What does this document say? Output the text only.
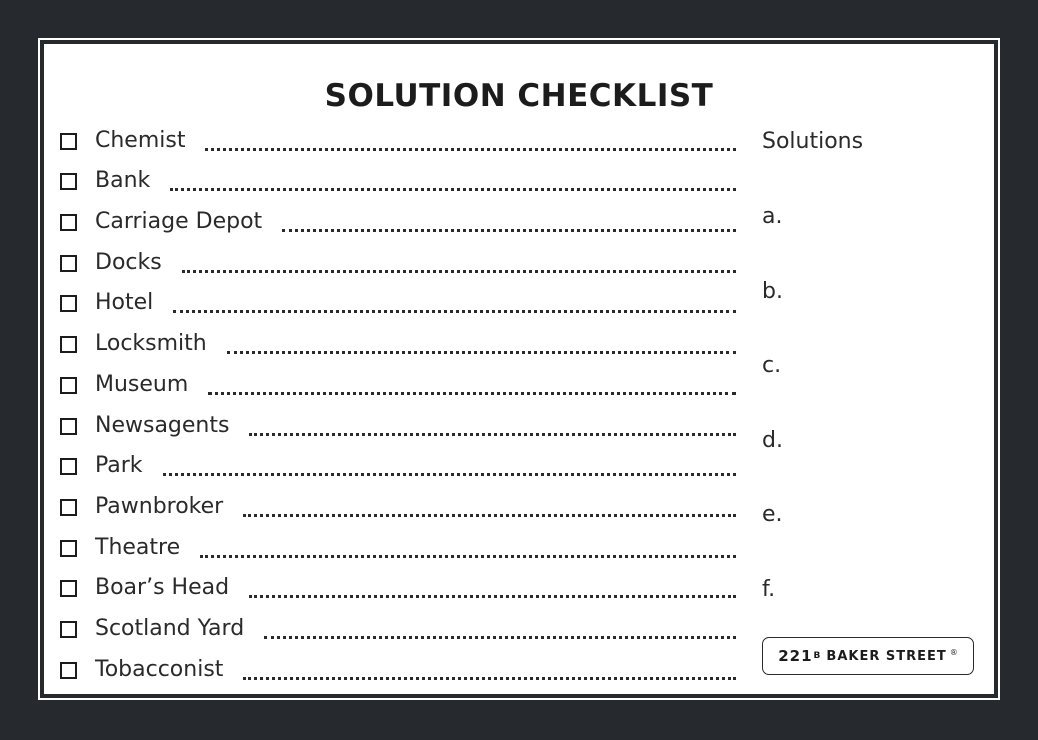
SOLUTION CHECKLIST
Chemist
Bank
Carriage Depot
Docks
Hotel
Locksmith
Museum
Newsagents
Park
Pawnbroker
Theatre
Boar’s Head
Scotland Yard
Tobacconist
Solutions
a.
b.
c.
d.
e.
f.
221 B BAKER STREET ®
